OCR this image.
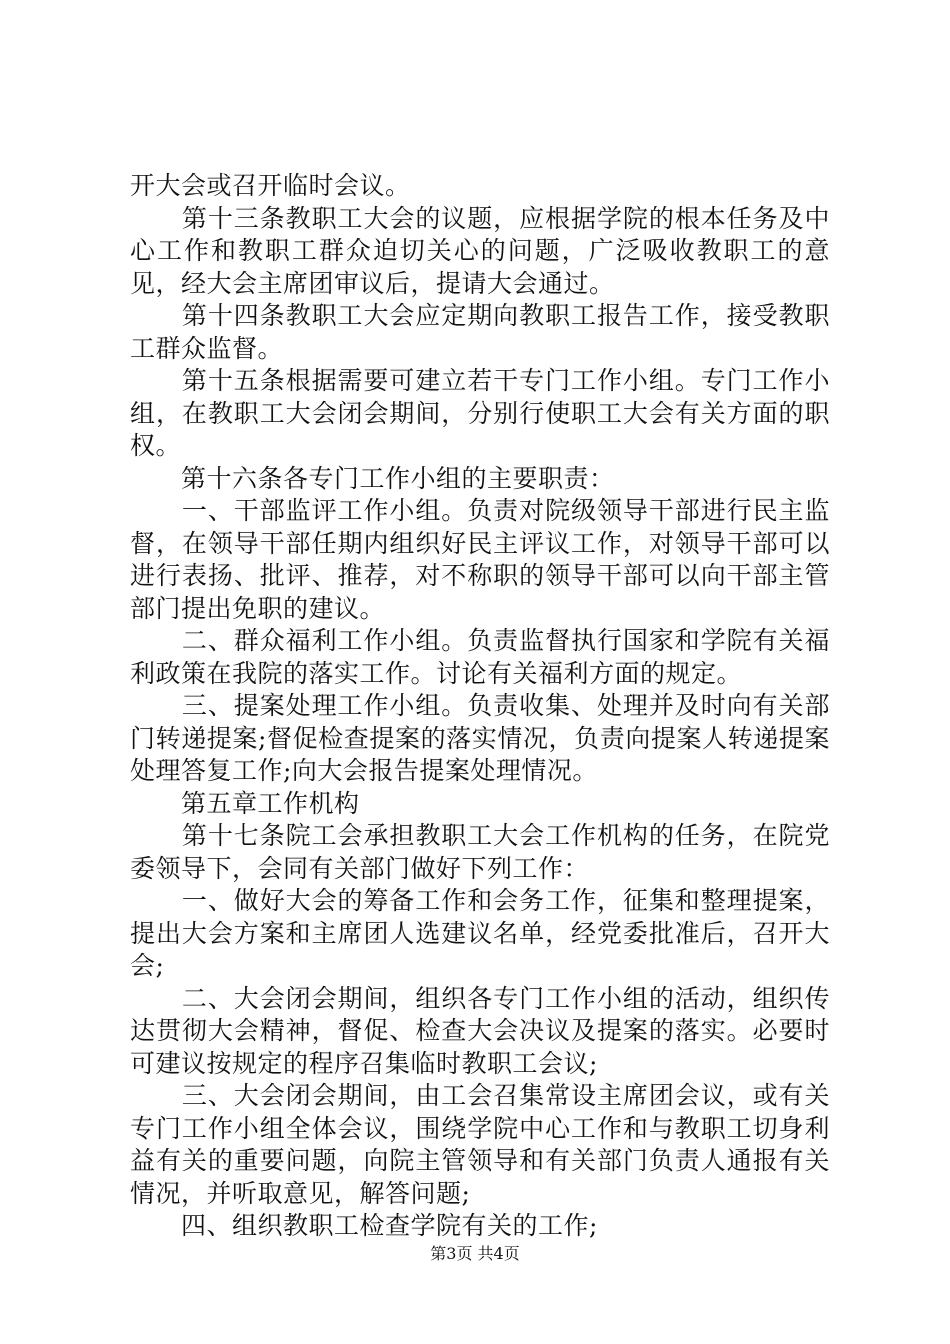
开大会或召开临时会议。

　　第十三条教职工大会的议题，应根据学院的根本任务及中心工作和教职工群众迫切关心的问题，广泛吸收教职工的意见，经大会主席团审议后，提请大会通过。

　　第十四条教职工大会应定期向教职工报告工作，接受教职工群众监督。

　　第十五条根据需要可建立若干专门工作小组。专门工作小组，在教职工大会闭会期间，分别行使职工大会有关方面的职权。

　　第十六条各专门工作小组的主要职责：

　　一、干部监评工作小组。负责对院级领导干部进行民主监督，在领导干部任期内组织好民主评议工作，对领导干部可以进行表扬、批评、推荐，对不称职的领导干部可以向干部主管部门提出免职的建议。

　　二、群众福利工作小组。负责监督执行国家和学院有关福利政策在我院的落实工作。讨论有关福利方面的规定。

　　三、提案处理工作小组。负责收集、处理并及时向有关部门转递提案;督促检查提案的落实情况，负责向提案人转递提案处理答复工作;向大会报告提案处理情况。

　　第五章工作机构

　　第十七条院工会承担教职工大会工作机构的任务，在院党委领导下，会同有关部门做好下列工作：

　　一、做好大会的筹备工作和会务工作，征集和整理提案，提出大会方案和主席团人选建议名单，经党委批准后，召开大会;

　　二、大会闭会期间，组织各专门工作小组的活动，组织传达贯彻大会精神，督促、检查大会决议及提案的落实。必要时可建议按规定的程序召集临时教职工会议;

　　三、大会闭会期间，由工会召集常设主席团会议，或有关专门工作小组全体会议，围绕学院中心工作和与教职工切身利益有关的重要问题，向院主管领导和有关部门负责人通报有关情况，并听取意见，解答问题;

　　四、组织教职工检查学院有关的工作;

第3页 共4页
